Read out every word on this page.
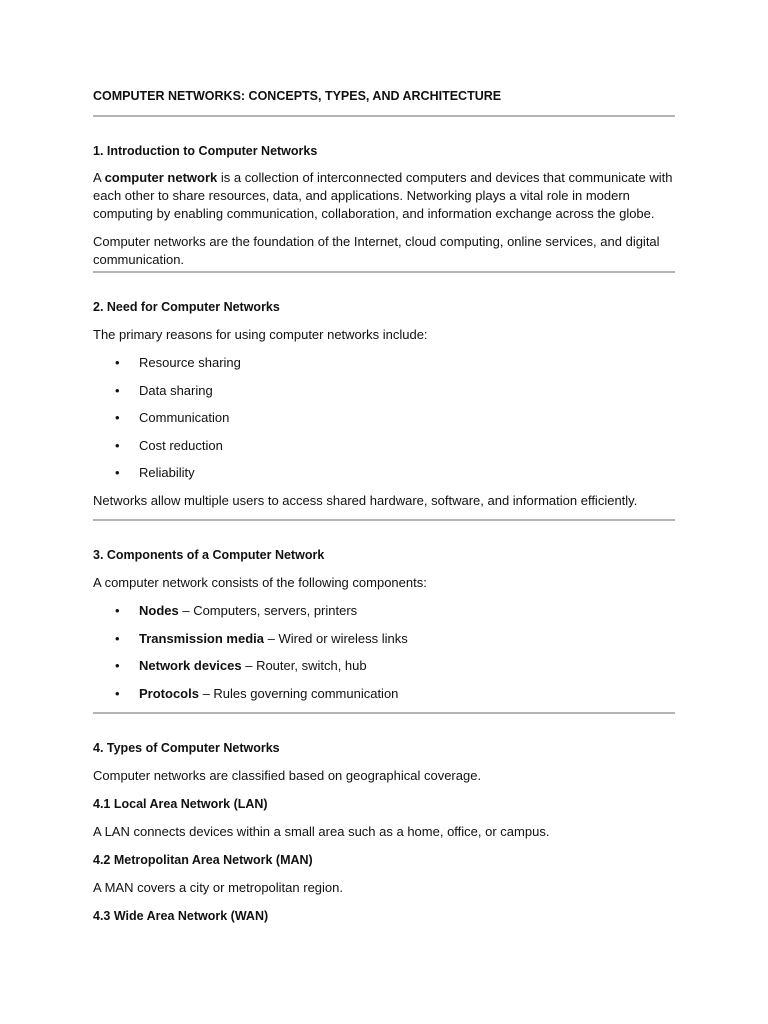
COMPUTER NETWORKS: CONCEPTS, TYPES, AND ARCHITECTURE
1. Introduction to Computer Networks

A computer network is a collection of interconnected computers and devices that communicate with each other to share resources, data, and applications. Networking plays a vital role in modern computing by enabling communication, collaboration, and information exchange across the globe.

Computer networks are the foundation of the Internet, cloud computing, online services, and digital communication.

2. Need for Computer Networks

The primary reasons for using computer networks include:

• Resource sharing
• Data sharing
• Communication
• Cost reduction
• Reliability

Networks allow multiple users to access shared hardware, software, and information efficiently.

3. Components of a Computer Network

A computer network consists of the following components:

• Nodes – Computers, servers, printers
• Transmission media – Wired or wireless links
• Network devices – Router, switch, hub
• Protocols – Rules governing communication
4. Types of Computer Networks

Computer networks are classified based on geographical coverage.

4.1 Local Area Network (LAN)

A LAN connects devices within a small area such as a home, office, or campus.

4.2 Metropolitan Area Network (MAN)

A MAN covers a city or metropolitan region.

4.3 Wide Area Network (WAN)
